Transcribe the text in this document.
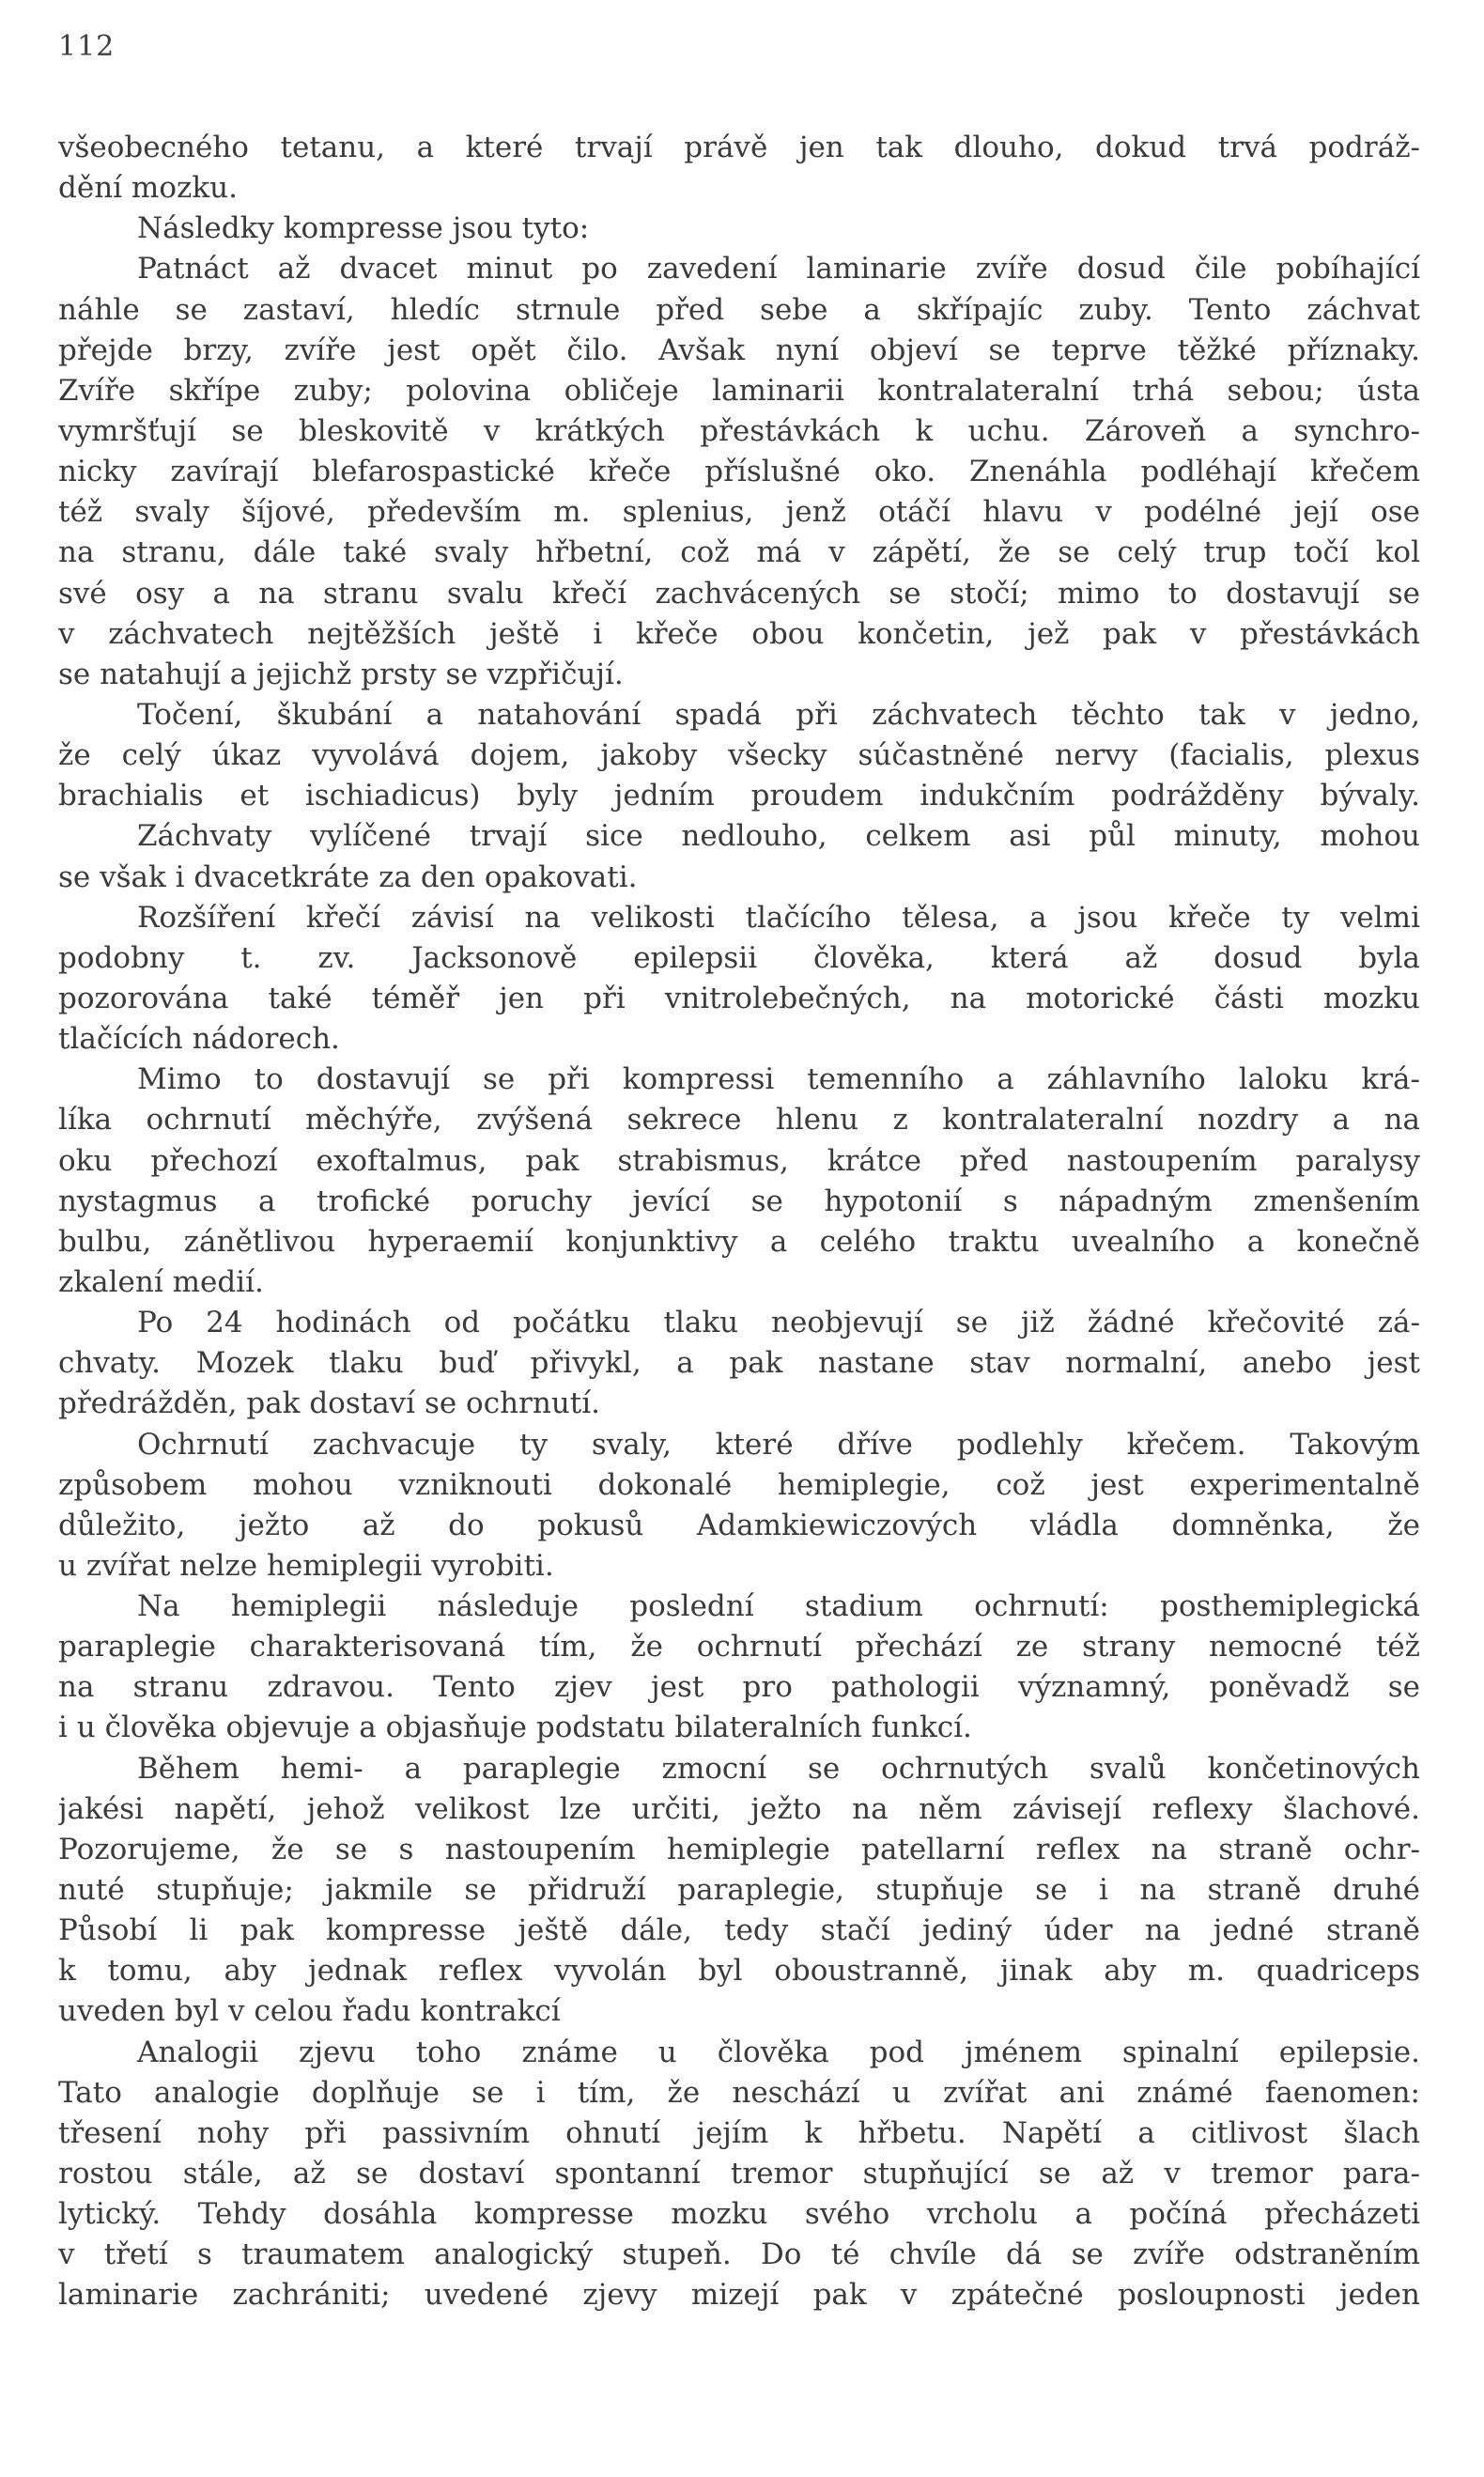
112
všeobecného tetanu, a které trvají právě jen tak dlouho, dokud trvá podráž-
dění mozku.
Následky kompresse jsou tyto:
Patnáct až dvacet minut po zavedení laminarie zvíře dosud čile pobíhající
náhle se zastaví, hledíc strnule před sebe a skřípajíc zuby. Tento záchvat
přejde brzy, zvíře jest opět čilo. Avšak nyní objeví se teprve těžké příznaky.
Zvíře skřípe zuby; polovina obličeje laminarii kontralateralní trhá sebou; ústa
vymršťují se bleskovitě v krátkých přestávkách k uchu. Zároveň a synchro-
nicky zavírají blefarospastické křeče příslušné oko. Znenáhla podléhají křečem
též svaly šíjové, především m. splenius, jenž otáčí hlavu v podélné její ose
na stranu, dále také svaly hřbetní, což má v zápětí, že se celý trup točí kol
své osy a na stranu svalu křečí zachvácených se stočí; mimo to dostavují se
v záchvatech nejtěžších ještě i křeče obou končetin, jež pak v přestávkách
se natahují a jejichž prsty se vzpřičují.
Točení, škubání a natahování spadá při záchvatech těchto tak v jedno,
že celý úkaz vyvolává dojem, jakoby všecky súčastněné nervy (facialis, plexus
brachialis et ischiadicus) byly jedním proudem indukčním podrážděny bývaly.
Záchvaty vylíčené trvají sice nedlouho, celkem asi půl minuty, mohou
se však i dvacetkráte za den opakovati.
Rozšíření křečí závisí na velikosti tlačícího tělesa, a jsou křeče ty velmi
podobny t. zv. Jacksonově epilepsii člověka, která až dosud byla
pozorována také téměř jen při vnitrolebečných, na motorické části mozku
tlačících nádorech.
Mimo to dostavují se při kompressi temenního a záhlavního laloku krá-
líka ochrnutí měchýře, zvýšená sekrece hlenu z kontralateralní nozdry a na
oku přechozí exoftalmus, pak strabismus, krátce před nastoupením paralysy
nystagmus a trofické poruchy jevící se hypotonií s nápadným zmenšením
bulbu, zánětlivou hyperaemií konjunktivy a celého traktu uvealního a konečně
zkalení medií.
Po 24 hodinách od počátku tlaku neobjevují se již žádné křečovité zá-
chvaty. Mozek tlaku buď přivykl, a pak nastane stav normalní, anebo jest
předrážděn, pak dostaví se ochrnutí.
Ochrnutí zachvacuje ty svaly, které dříve podlehly křečem. Takovým
způsobem mohou vzniknouti dokonalé hemiplegie, což jest experimentalně
důležito, ježto až do pokusů Adamkiewiczových vládla domněnka, že
u zvířat nelze hemiplegii vyrobiti.
Na hemiplegii následuje poslední stadium ochrnutí: posthemiplegická
paraplegie charakterisovaná tím, že ochrnutí přechází ze strany nemocné též
na stranu zdravou. Tento zjev jest pro pathologii významný, poněvadž se
i u člověka objevuje a objasňuje podstatu bilateralních funkcí.
Během hemi- a paraplegie zmocní se ochrnutých svalů končetinových
jakési napětí, jehož velikost lze určiti, ježto na něm závisejí reflexy šlachové.
Pozorujeme, že se s nastoupením hemiplegie patellarní reflex na straně ochr-
nuté stupňuje; jakmile se přidruží paraplegie, stupňuje se i na straně druhé
Působí li pak kompresse ještě dále, tedy stačí jediný úder na jedné straně
k tomu, aby jednak reflex vyvolán byl oboustranně, jinak aby m. quadriceps
uveden byl v celou řadu kontrakcí
Analogii zjevu toho známe u člověka pod jménem spinalní epilepsie.
Tato analogie doplňuje se i tím, že neschází u zvířat ani známé faenomen:
třesení nohy při passivním ohnutí jejím k hřbetu. Napětí a citlivost šlach
rostou stále, až se dostaví spontanní tremor stupňující se až v tremor para-
lytický. Tehdy dosáhla kompresse mozku svého vrcholu a počíná přecházeti
v třetí s traumatem analogický stupeň. Do té chvíle dá se zvíře odstraněním
laminarie zachrániti; uvedené zjevy mizejí pak v zpátečné posloupnosti jeden
